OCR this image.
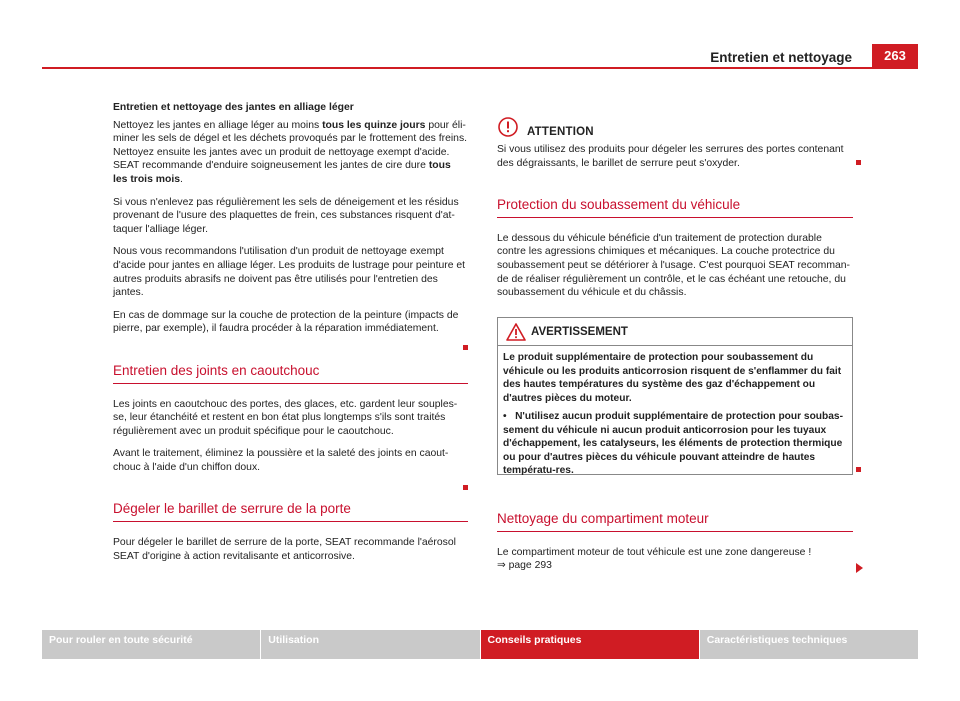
Entretien et nettoyage	263

Entretien et nettoyage des jantes en alliage léger

Nettoyez les jantes en alliage léger au moins tous les quinze jours pour éli-miner les sels de dégel et les déchets provoqués par le frottement des freins. Nettoyez ensuite les jantes avec un produit de nettoyage exempt d'acide. SEAT recommande d'enduire soigneusement les jantes de cire dure tous les trois mois.

Si vous n'enlevez pas régulièrement les sels de déneigement et les résidus provenant de l'usure des plaquettes de frein, ces substances risquent d'at-taquer l'alliage léger.

Nous vous recommandons l'utilisation d'un produit de nettoyage exempt d'acide pour jantes en alliage léger. Les produits de lustrage pour peinture et autres produits abrasifs ne doivent pas être utilisés pour l'entretien des jantes.

En cas de dommage sur la couche de protection de la peinture (impacts de pierre, par exemple), il faudra procéder à la réparation immédiatement.

Entretien des joints en caoutchouc

Les joints en caoutchouc des portes, des glaces, etc. gardent leur souples-se, leur étanchéité et restent en bon état plus longtemps s'ils sont traités régulièrement avec un produit spécifique pour le caoutchouc.

Avant le traitement, éliminez la poussière et la saleté des joints en caout-chouc à l'aide d'un chiffon doux.

Dégeler le barillet de serrure de la porte

Pour dégeler le barillet de serrure de la porte, SEAT recommande l'aérosol SEAT d'origine à action revitalisante et anticorrosive.

ATTENTION

Si vous utilisez des produits pour dégeler les serrures des portes contenant des dégraissants, le barillet de serrure peut s'oxyder.

Protection du soubassement du véhicule

Le dessous du véhicule bénéficie d'un traitement de protection durable contre les agressions chimiques et mécaniques. La couche protectrice du soubassement peut se détériorer à l'usage. C'est pourquoi SEAT recomman-de de réaliser régulièrement un contrôle, et le cas échéant une retouche, du soubassement du véhicule et du châssis.

AVERTISSEMENT

Le produit supplémentaire de protection pour soubassement du véhicule ou les produits anticorrosion risquent de s'enflammer du fait des hautes températures du système des gaz d'échappement ou d'autres pièces du moteur.

• N'utilisez aucun produit supplémentaire de protection pour soubas-sement du véhicule ni aucun produit anticorrosion pour les tuyaux d'échappement, les catalyseurs, les éléments de protection thermique ou pour d'autres pièces du véhicule pouvant atteindre de hautes températu-res.

Nettoyage du compartiment moteur

Le compartiment moteur de tout véhicule est une zone dangereuse !
⇒ page 293

Pour rouler en toute sécurité	Utilisation	Conseils pratiques	Caractéristiques techniques
